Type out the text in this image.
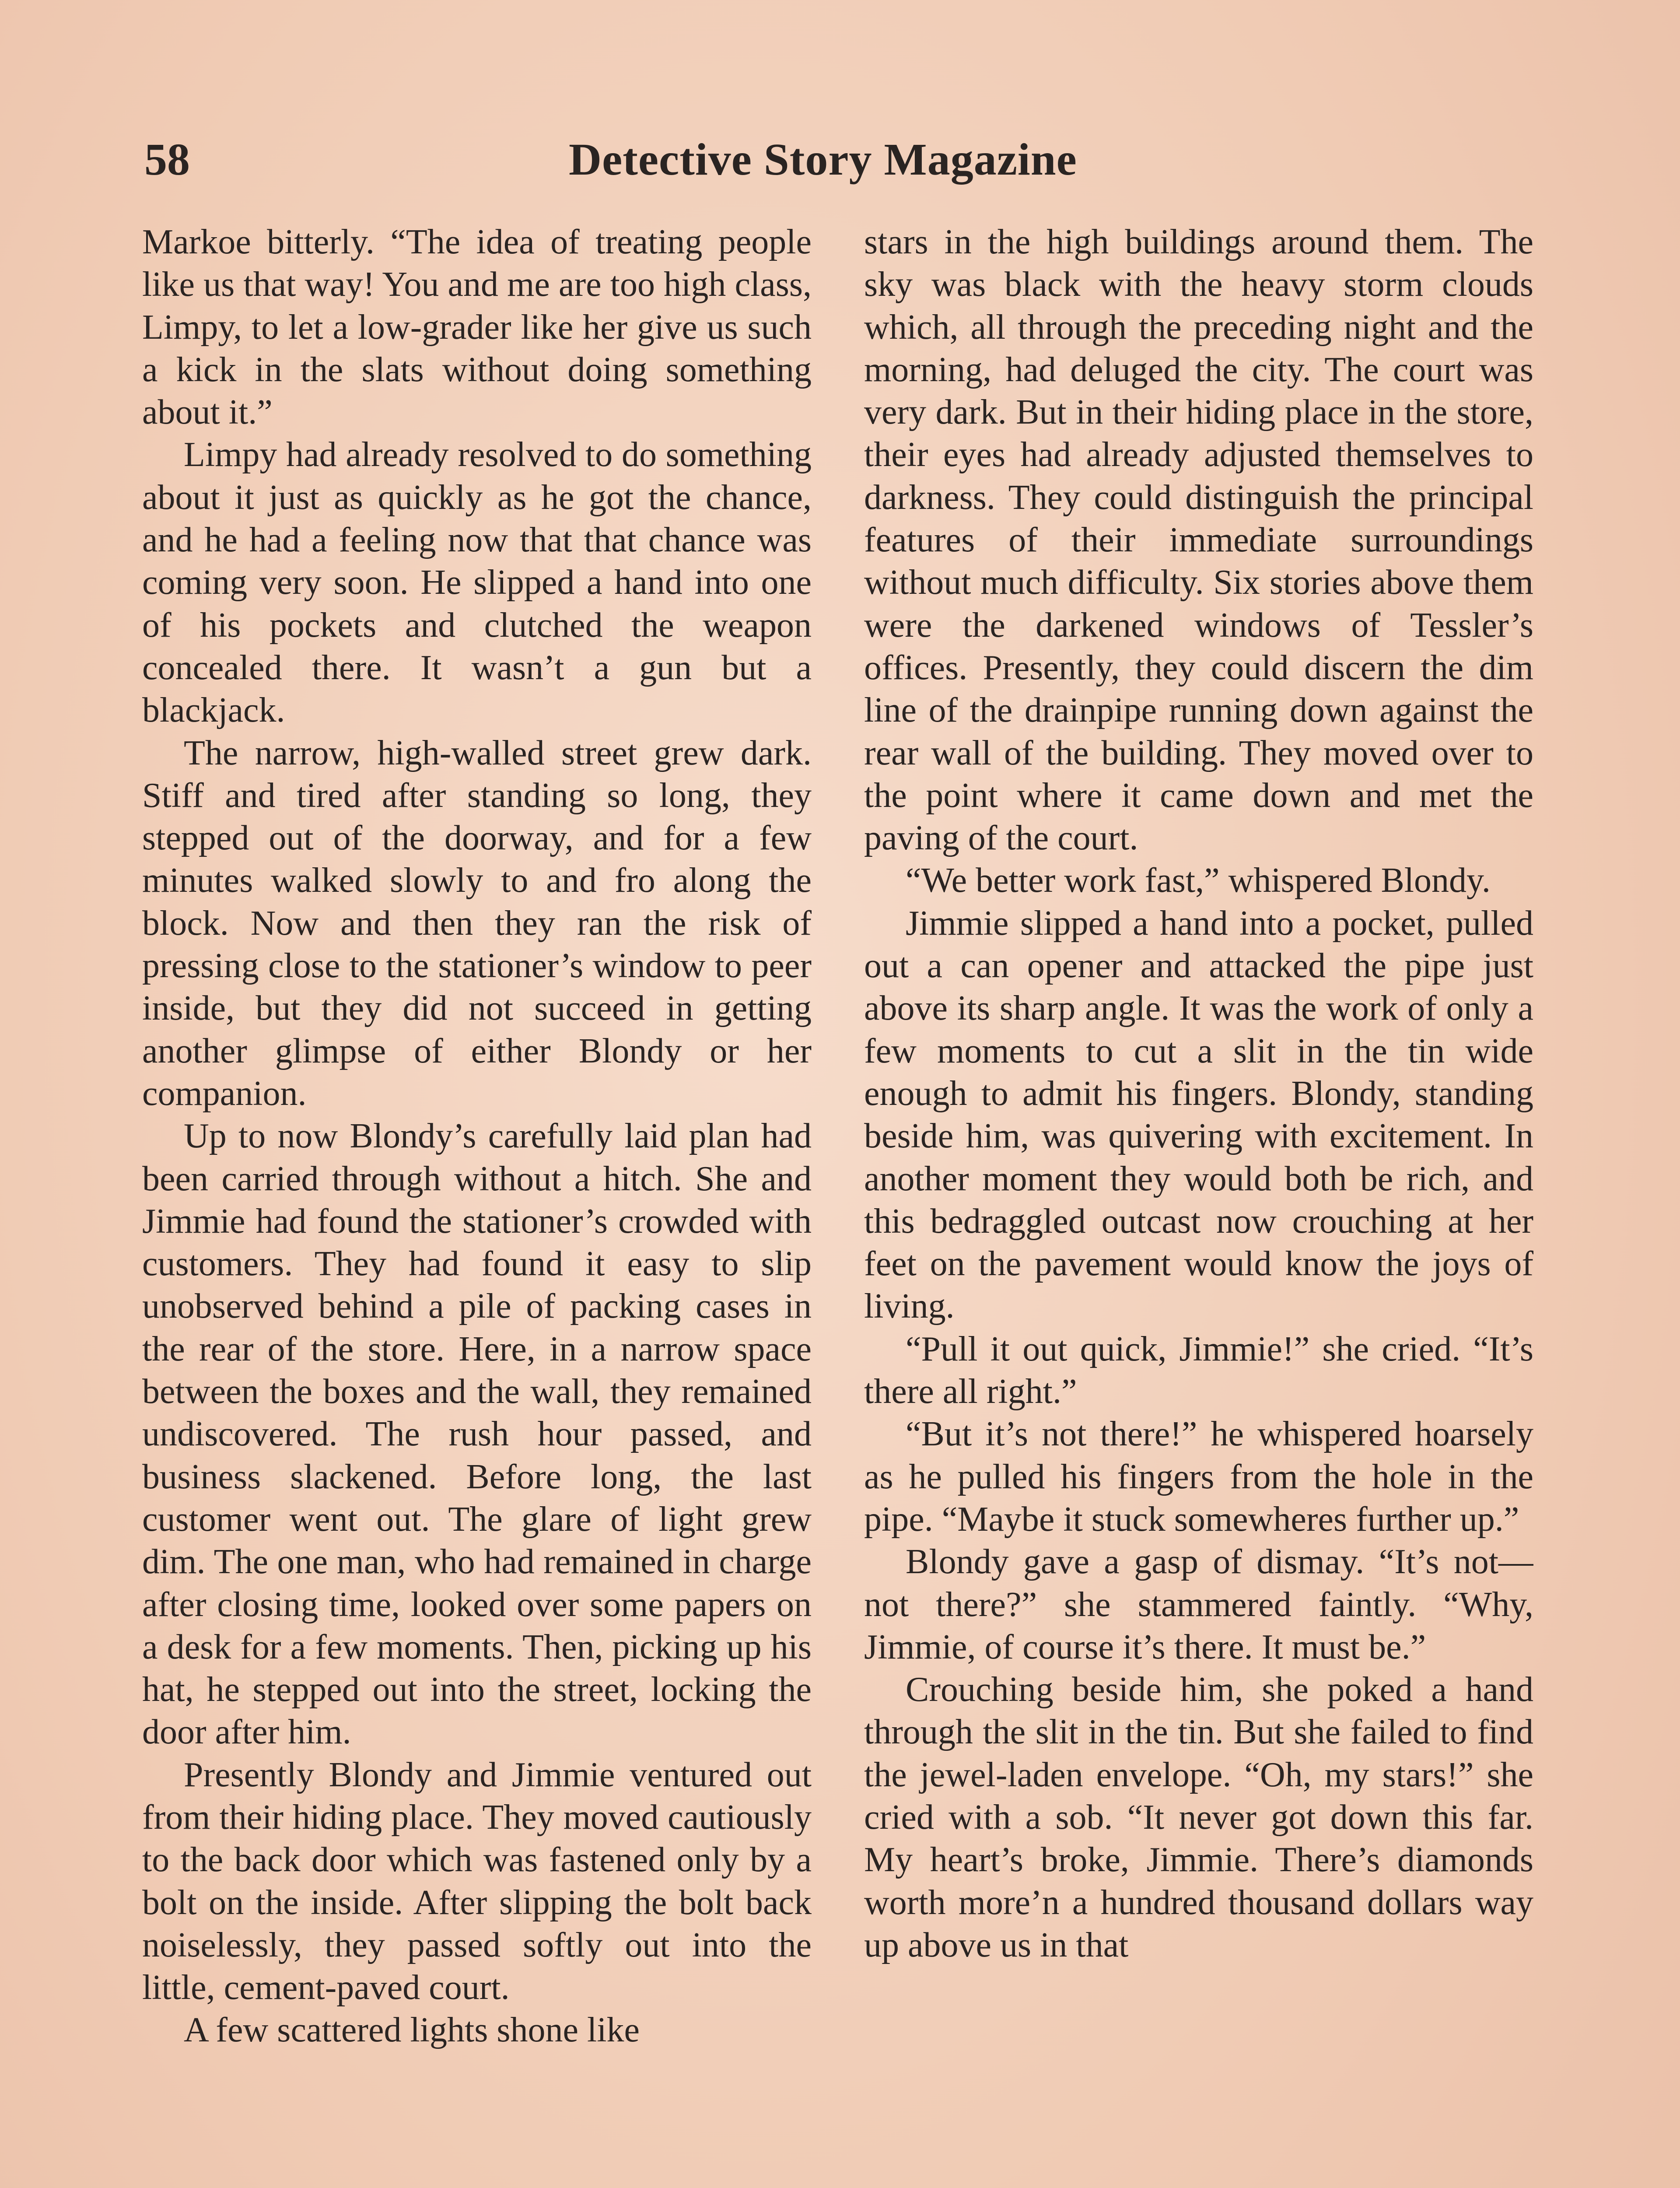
58	Detective Story Magazine

Markoe bitterly. “The idea of treating people like us that way! You and me are too high class, Limpy, to let a low-grader like her give us such a kick in the slats without doing something about it.”

Limpy had already resolved to do something about it just as quickly as he got the chance, and he had a feeling now that that chance was coming very soon. He slipped a hand into one of his pockets and clutched the weapon concealed there. It wasn’t a gun but a blackjack.

The narrow, high-walled street grew dark. Stiff and tired after standing so long, they stepped out of the doorway, and for a few minutes walked slowly to and fro along the block. Now and then they ran the risk of pressing close to the stationer’s window to peer inside, but they did not succeed in getting another glimpse of either Blondy or her companion.

Up to now Blondy’s carefully laid plan had been carried through without a hitch. She and Jimmie had found the stationer’s crowded with customers. They had found it easy to slip unobserved behind a pile of packing cases in the rear of the store. Here, in a narrow space between the boxes and the wall, they remained undiscovered. The rush hour passed, and business slackened. Before long, the last customer went out. The glare of light grew dim. The one man, who had remained in charge after closing time, looked over some papers on a desk for a few moments. Then, picking up his hat, he stepped out into the street, locking the door after him.

Presently Blondy and Jimmie ventured out from their hiding place. They moved cautiously to the back door which was fastened only by a bolt on the inside. After slipping the bolt back noiselessly, they passed softly out into the little, cement-paved court.

A few scattered lights shone like

stars in the high buildings around them. The sky was black with the heavy storm clouds which, all through the preceding night and the morning, had deluged the city. The court was very dark. But in their hiding place in the store, their eyes had already adjusted themselves to darkness. They could distinguish the principal features of their immediate surroundings without much difficulty. Six stories above them were the darkened windows of Tessler’s offices. Presently, they could discern the dim line of the drainpipe running down against the rear wall of the building. They moved over to the point where it came down and met the paving of the court.

“We better work fast,” whispered Blondy.

Jimmie slipped a hand into a pocket, pulled out a can opener and attacked the pipe just above its sharp angle. It was the work of only a few moments to cut a slit in the tin wide enough to admit his fingers. Blondy, standing beside him, was quivering with excitement. In another moment they would both be rich, and this bedraggled outcast now crouching at her feet on the pavement would know the joys of living.

“Pull it out quick, Jimmie!” she cried. “It’s there all right.”

“But it’s not there!” he whispered hoarsely as he pulled his fingers from the hole in the pipe. “Maybe it stuck somewheres further up.”

Blondy gave a gasp of dismay. “It’s not—not there?” she stammered faintly. “Why, Jimmie, of course it’s there. It must be.”

Crouching beside him, she poked a hand through the slit in the tin. But she failed to find the jewel-laden envelope. “Oh, my stars!” she cried with a sob. “It never got down this far. My heart’s broke, Jimmie. There’s diamonds worth more’n a hundred thousand dollars way up above us in that
